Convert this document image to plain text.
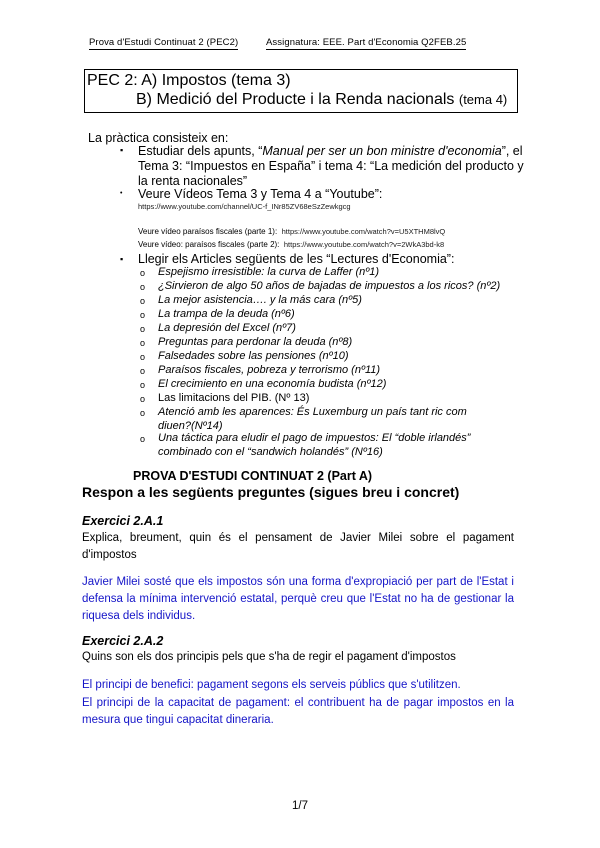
Prova d'Estudi Continuat 2 (PEC2)	Assignatura: EEE. Part d'Economia Q2FEB.25
PEC 2: A) Impostos (tema 3)
B) Medició del Producte i la Renda nacionals (tema 4)
La pràctica consisteix en:
▪ Estudiar dels apunts, “Manual per ser un bon ministre d'economia”, el
Tema 3: “Impuestos en España” i tema 4: “La medición del producto y
la renta nacionales”
• Veure Vídeos Tema 3 y Tema 4 a “Youtube”:
https://www.youtube.com/channel/UC-f_INr85ZV68eSzZewkgcg
Veure vídeo paraísos fiscales (parte 1): https://www.youtube.com/watch?v=U5XTHM8lvQ
Veure vídeo: paraísos fiscales (parte 2): https://www.youtube.com/watch?v=2WkA3bd-k8
▪ Llegir els Articles següents de les “Lectures d'Economia”:
o Espejismo irresistible: la curva de Laffer (nº1)
o ¿Sirvieron de algo 50 años de bajadas de impuestos a los ricos? (nº2)
o La mejor asistencia…. y la más cara (nº5)
o La trampa de la deuda (nº6)
o La depresión del Excel (nº7)
o Preguntas para perdonar la deuda (nº8)
o Falsedades sobre las pensiones (nº10)
o Paraísos fiscales, pobreza y terrorismo (nº11)
o El crecimiento en una economía budista (nº12)
o Las limitacions del PIB. (Nº 13)
o Atenció amb les aparences: És Luxemburg un país tant ric com
diuen?(Nº14)
o Una táctica para eludir el pago de impuestos: El “doble irlandés”
combinado con el “sandwich holandés” (Nº16)
PROVA D'ESTUDI CONTINUAT 2 (Part A)
Respon a les següents preguntes (sigues breu i concret)
Exercici 2.A.1
Explica, breument, quin és el pensament de Javier Milei sobre el pagament d'impostos
Javier Milei sosté que els impostos són una forma d'expropiació per part de l'Estat i defensa la mínima intervenció estatal, perquè creu que l'Estat no ha de gestionar la riquesa dels individus.
Exercici 2.A.2
Quins son els dos principis pels que s'ha de regir el pagament d'impostos
El principi de benefici: pagament segons els serveis públics que s'utilitzen.
El principi de la capacitat de pagament: el contribuent ha de pagar impostos en la mesura que tingui capacitat dineraria.
1/7
